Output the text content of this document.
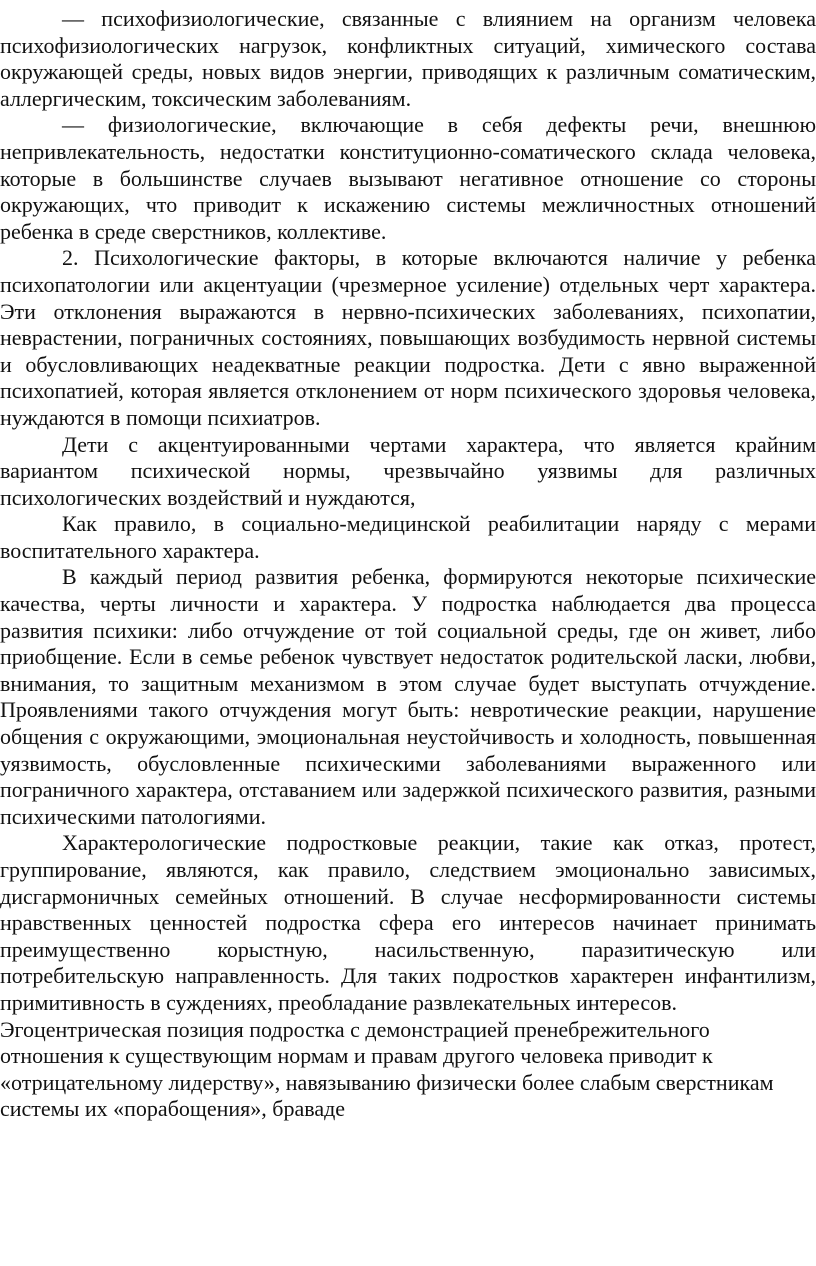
— психофизиологические, связанные с влиянием на организм человека психофизиологических нагрузок, конфликтных ситуаций, химического состава окружающей среды, новых видов энергии, приводящих к различным соматическим, аллергическим, токсическим заболеваниям.

— физиологические, включающие в себя дефекты речи, внешнюю непривлекательность, недостатки конституционно-соматического склада человека, которые в большинстве случаев вызывают негативное отношение со стороны окружающих, что приводит к искажению системы межличностных отношений ребенка в среде сверстников, коллективе.

2. Психологические факторы, в которые включаются наличие у ребенка психопатологии или акцентуации (чрезмерное усиление) отдельных черт характера. Эти отклонения выражаются в нервно-психических заболеваниях, психопатии, неврастении, пограничных состояниях, повышающих возбудимость нервной системы и обусловливающих неадекватные реакции подростка. Дети с явно выраженной психопатией, которая является отклонением от норм психического здоровья человека, нуждаются в помощи психиатров.

Дети с акцентуированными чертами характера, что является крайним вариантом психической нормы, чрезвычайно уязвимы для различных психологических воздействий и нуждаются,

Как правило, в социально-медицинской реабилитации наряду с мерами воспитательного характера.

В каждый период развития ребенка, формируются некоторые психические качества, черты личности и характера. У подростка наблюдается два процесса развития психики: либо отчуждение от той социальной среды, где он живет, либо приобщение. Если в семье ребенок чувствует недостаток родительской ласки, любви, внимания, то защитным механизмом в этом случае будет выступать отчуждение. Проявлениями такого отчуждения могут быть: невротические реакции, нарушение общения с окружающими, эмоциональная неустойчивость и холодность, повышенная уязвимость, обусловленные психическими заболеваниями выраженного или пограничного характера, отставанием или задержкой психического развития, разными психическими патологиями.

Характерологические подростковые реакции, такие как отказ, протест, группирование, являются, как правило, следствием эмоционально зависимых, дисгармоничных семейных отношений. В случае несформированности системы нравственных ценностей подростка сфера его интересов начинает принимать преимущественно корыстную, насильственную, паразитическую или потребительскую направленность. Для таких подростков характерен инфантилизм, примитивность в суждениях, преобладание развлекательных интересов.

Эгоцентрическая позиция подростка с демонстрацией пренебрежительного отношения к существующим нормам и правам другого человека приводит к «отрицательному лидерству», навязыванию физически более слабым сверстникам системы их «порабощения», браваде
